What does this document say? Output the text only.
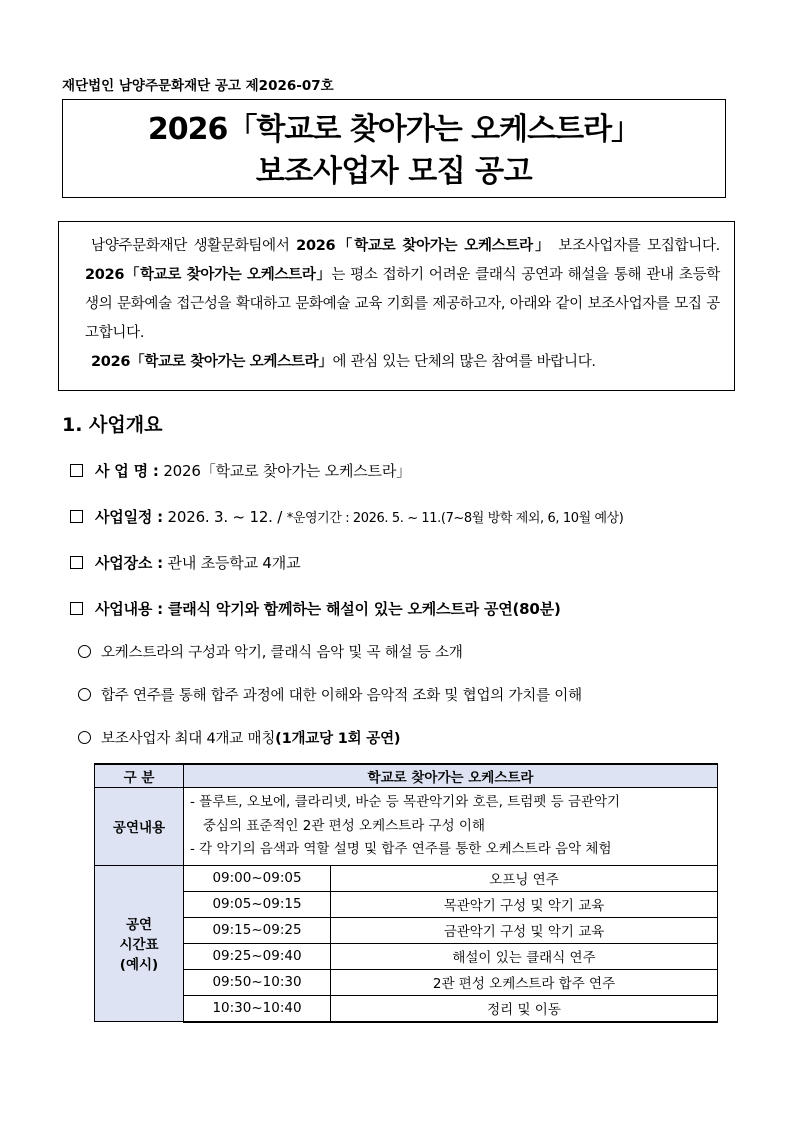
재단법인 남양주문화재단 공고 제2026-07호
2026「학교로 찾아가는 오케스트라」
보조사업자 모집 공고

남양주문화재단 생활문화팀에서 2026「학교로 찾아가는 오케스트라」 보조사업자를 모집합니다. 2026「학교로 찾아가는 오케스트라」는 평소 접하기 어려운 클래식 공연과 해설을 통해 관내 초등학생의 문화예술 접근성을 확대하고 문화예술 교육 기회를 제공하고자, 아래와 같이 보조사업자를 모집 공고합니다.

2026「학교로 찾아가는 오케스트라」에 관심 있는 단체의 많은 참여를 바랍니다.

1. 사업개요
사 업 명 : 2026「학교로 찾아가는 오케스트라」
사업일정 : 2026. 3. ~ 12. / *운영기간 : 2026. 5. ~ 11.(7~8월 방학 제외, 6, 10월 예상)
사업장소 : 관내 초등학교 4개교
사업내용 : 클래식 악기와 함께하는 해설이 있는 오케스트라 공연(80분)
오케스트라의 구성과 악기, 클래식 음악 및 곡 해설 등 소개
합주 연주를 통해 합주 과정에 대한 이해와 음악적 조화 및 협업의 가치를 이해
보조사업자 최대 4개교 매칭(1개교당 1회 공연)
구 분	학교로 찾아가는 오케스트라	
공연내용	- 플루트, 오보에, 클라리넷, 바순 등 목관악기와 호른, 트럼펫 등 금관악기
중심의 표준적인 2관 편성 오케스트라 구성 이해
- 각 악기의 음색과 역할 설명 및 합주 연주를 통한 오케스트라 음악 체험	

공연
시간표
(예시)	09:00~09:05	오프닝 연주
	09:05~09:15	목관악기 구성 및 악기 교육
	09:15~09:25	금관악기 구성 및 악기 교육
	09:25~09:40	해설이 있는 클래식 연주
	09:50~10:30	2관 편성 오케스트라 합주 연주
	10:30~10:40	정리 및 이동
